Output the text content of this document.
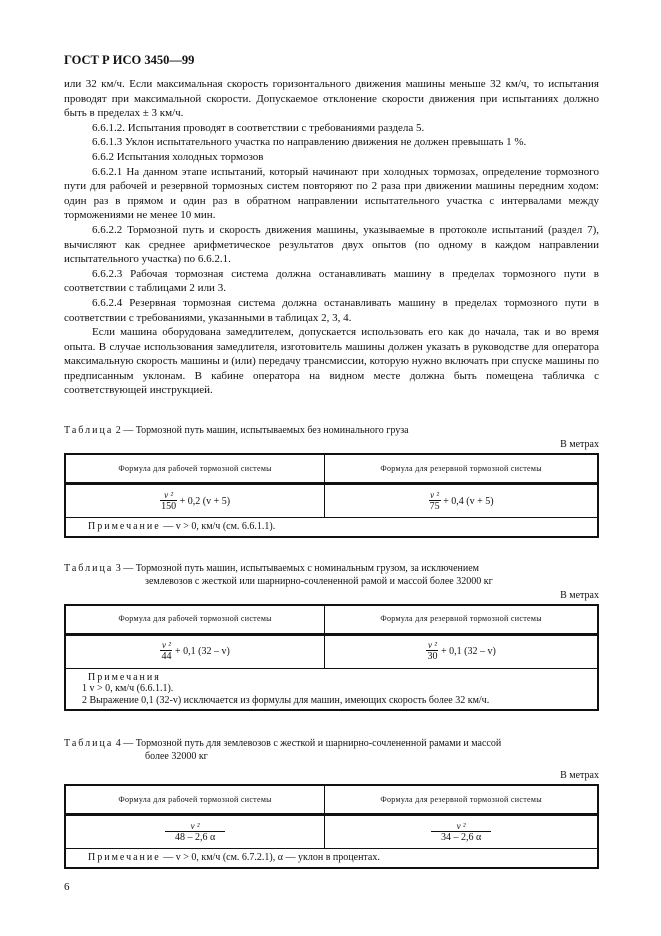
ГОСТ Р ИСО 3450—99

или 32 км/ч. Если максимальная скорость горизонтального движения машины меньше 32 км/ч, то испытания проводят при максимальной скорости. Допускаемое отклонение скорости движения при испытаниях должно быть в пределах ± 3 км/ч.

6.6.1.2. Испытания проводят в соответствии с требованиями раздела 5.

6.6.1.3 Уклон испытательного участка по направлению движения не должен превышать 1 %.

6.6.2 Испытания холодных тормозов

6.6.2.1 На данном этапе испытаний, который начинают при холодных тормозах, определение тормозного пути для рабочей и резервной тормозных систем повторяют по 2 раза при движении машины передним ходом: один раз в прямом и один раз в обратном направлении испытательного участка с интервалами между торможениями не менее 10 мин.

6.6.2.2 Тормозной путь и скорость движения машины, указываемые в протоколе испытаний (раздел 7), вычисляют как среднее арифметическое результатов двух опытов (по одному в каждом направлении испытательного участка) по 6.6.2.1.

6.6.2.3 Рабочая тормозная система должна останавливать машину в пределах тормозного пути в соответствии с таблицами 2 или 3.

6.6.2.4 Резервная тормозная система должна останавливать машину в пределах тормозного пути в соответствии с требованиями, указанными в таблицах 2, 3, 4.

Если машина оборудована замедлителем, допускается использовать его как до начала, так и во время опыта. В случае использования замедлителя, изготовитель машины должен указать в руководстве для оператора максимальную скорость машины и (или) передачу трансмиссии, которую нужно включать при спуске машины по предписанным уклонам. В кабине оператора на видном месте должна быть помещена табличка с соответствующей инструкцией.

Таблица 2 — Тормозной путь машин, испытываемых без номинального груза
В метрах
Формула для рабочей тормозной системы	Формула для резервной тормозной системы

$\frac{\text{v ²}}{150} + 0,2$ (v + 5)	$\frac{\text{v ²}}{75} + 0,4$ (v + 5)
Примечание — v > 0, км/ч (см. 6.6.1.1).	
Таблица 3 — Тормозной путь машин, испытываемых с номинальным грузом, за исключением
землевозов с жесткой или шарнирно-сочлененной рамой и массой более 32000 кг
В метрах
Формула для рабочей тормозной системы	Формула для резервной тормозной системы

$\frac{\text{v ²}}{44} + 0,1$ (32 – v)	$\frac{\text{v ²}}{30} + 0,1$ (32 – v)

Примечания
1 v > 0, км/ч (6.6.1.1).
2 Выражение 0,1 (32-v) исключается из формулы для машин, имеющих скорость более 32 км/ч.	
Таблица 4 — Тормозной путь для землевозов с жесткой и шарнирно-сочлененной рамами и массой
более 32000 кг
В метрах
Формула для рабочей тормозной системы	Формула для резервной тормозной системы

$\frac{\text{v ²}}{48 - 2,6 \alpha}$	$\frac{\text{v ²}}{34 - 2,6 \alpha}$

Примечание — v > 0, км/ч (см. 6.7.2.1), α — уклон в процентах.	
6
